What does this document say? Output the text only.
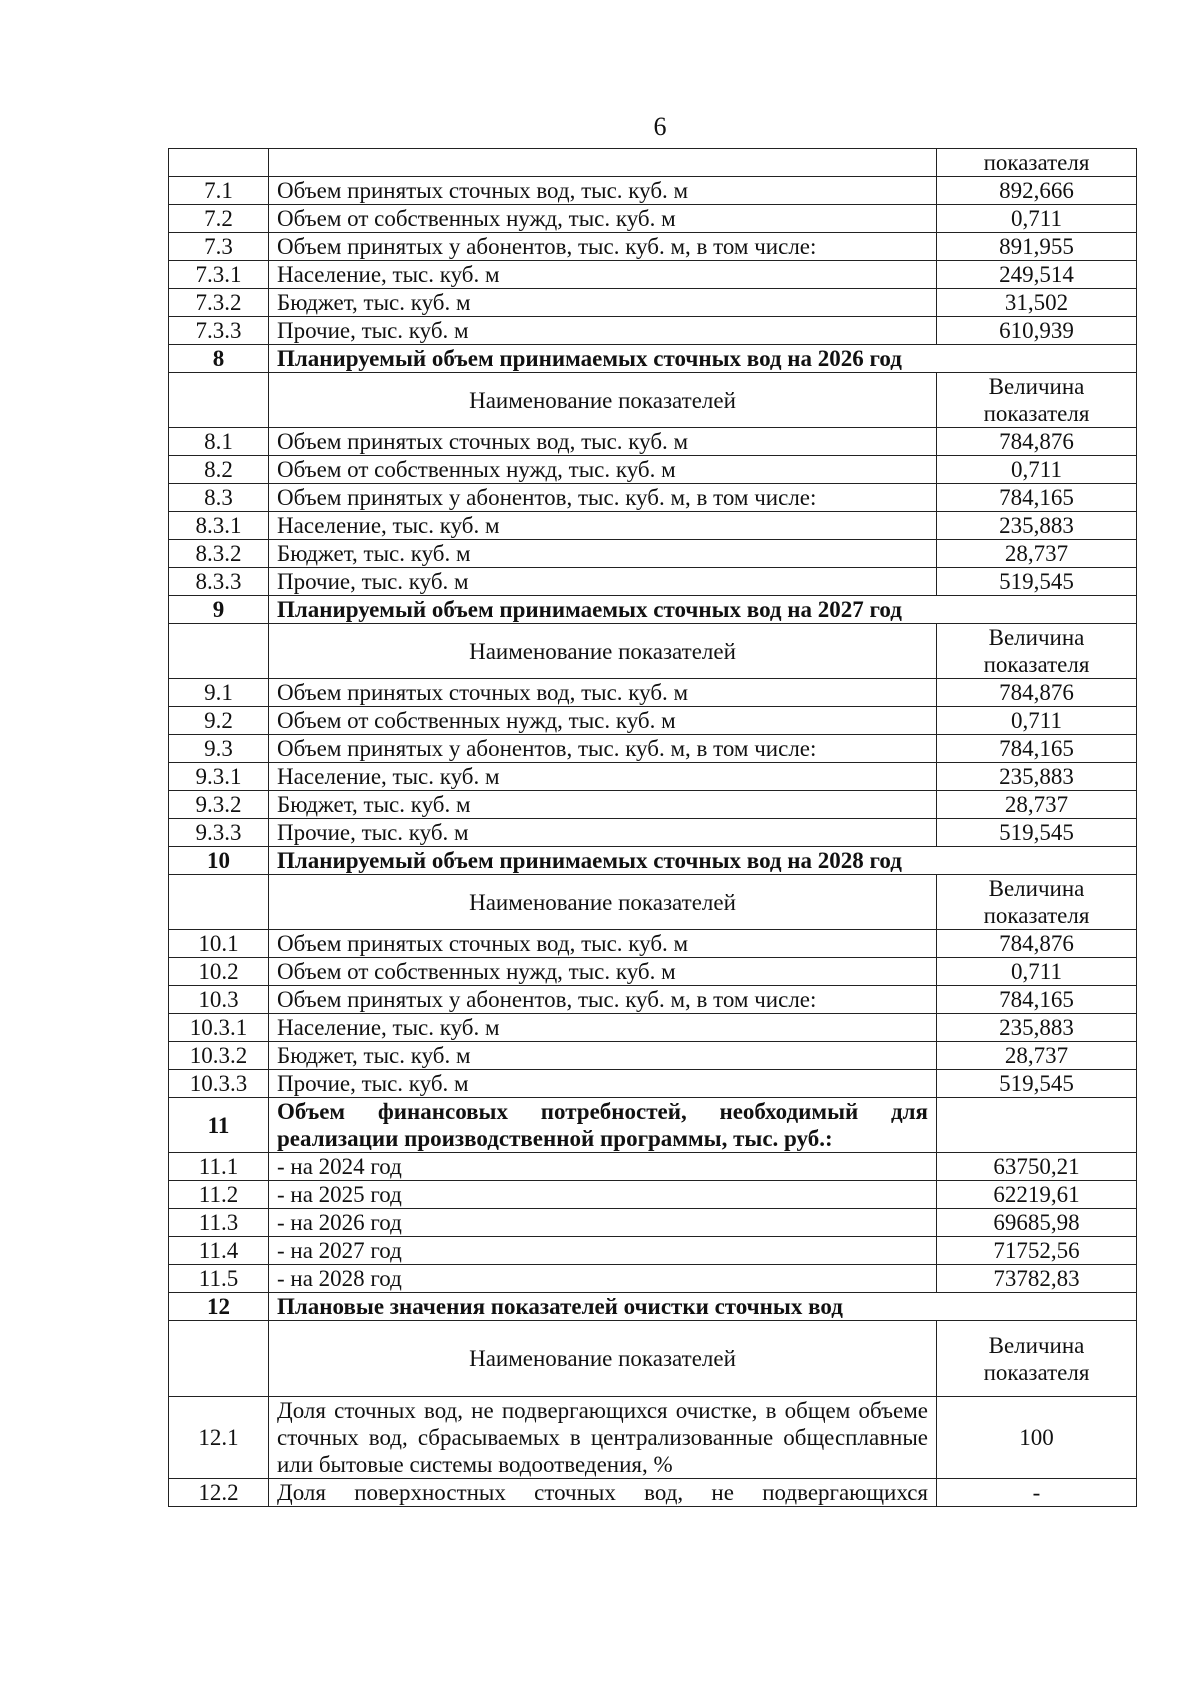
6
		показателя
7.1	Объем принятых сточных вод, тыс. куб. м	892,666
7.2	Объем от собственных нужд, тыс. куб. м	0,711
7.3	Объем принятых у абонентов, тыс. куб. м, в том числе:	891,955
7.3.1	Население, тыс. куб. м	249,514
7.3.2	Бюджет, тыс. куб. м	31,502
7.3.3	Прочие, тыс. куб. м	610,939
8	Планируемый объем принимаемых сточных вод на 2026 год	
	Наименование показателей	Величина
показателя

8.1	Объем принятых сточных вод, тыс. куб. м	784,876
8.2	Объем от собственных нужд, тыс. куб. м	0,711
8.3	Объем принятых у абонентов, тыс. куб. м, в том числе:	784,165
8.3.1	Население, тыс. куб. м	235,883
8.3.2	Бюджет, тыс. куб. м	28,737
8.3.3	Прочие, тыс. куб. м	519,545
9	Планируемый объем принимаемых сточных вод на 2027 год	
	Наименование показателей	Величина
показателя

9.1	Объем принятых сточных вод, тыс. куб. м	784,876
9.2	Объем от собственных нужд, тыс. куб. м	0,711
9.3	Объем принятых у абонентов, тыс. куб. м, в том числе:	784,165
9.3.1	Население, тыс. куб. м	235,883
9.3.2	Бюджет, тыс. куб. м	28,737
9.3.3	Прочие, тыс. куб. м	519,545
10	Планируемый объем принимаемых сточных вод на 2028 год	
	Наименование показателей	Величина
показателя

10.1	Объем принятых сточных вод, тыс. куб. м	784,876
10.2	Объем от собственных нужд, тыс. куб. м	0,711
10.3	Объем принятых у абонентов, тыс. куб. м, в том числе:	784,165
10.3.1	Население, тыс. куб. м	235,883
10.3.2	Бюджет, тыс. куб. м	28,737
10.3.3	Прочие, тыс. куб. м	519,545
11	Объем финансовых потребностей, необходимый для
реализации производственной программы, тыс. руб.:	

11.1	- на 2024 год	63750,21
11.2	- на 2025 год	62219,61
11.3	- на 2026 год	69685,98
11.4	- на 2027 год	71752,56
11.5	- на 2028 год	73782,83
12	Плановые значения показателей очистки сточных вод	
	Наименование показателей	Величина
показателя

12.1	Доля сточных вод, не подвергающихся очистке, в общем объеме сточных вод, сбрасываемых в централизованные общесплавные или бытовые системы водоотведения, %	100
12.2	Доля поверхностных сточных вод, не подвергающихся	-
